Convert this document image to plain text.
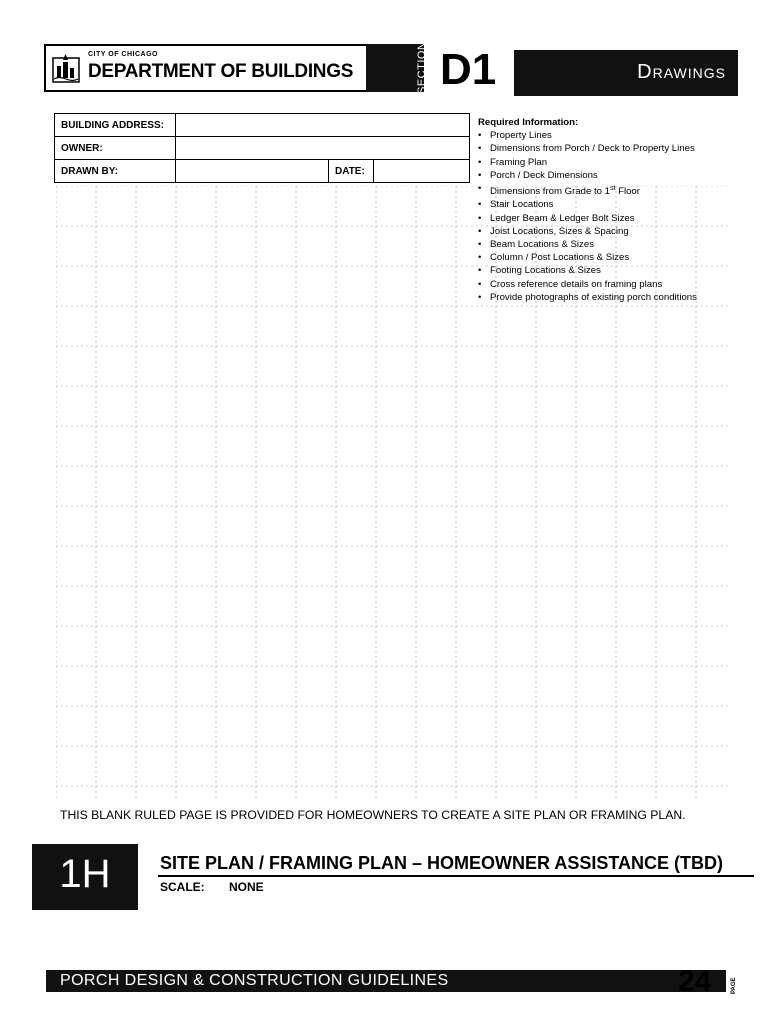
CITY OF CHICAGO
DEPARTMENT OF BUILDINGS	SECTION D1	Drawings
BUILDING ADDRESS:			
OWNER:			
DRAWN BY:		DATE:	
Required Information:
• Property Lines
• Dimensions from Porch / Deck to Property Lines
• Framing Plan
• Porch / Deck Dimensions
• Dimensions from Grade to 1st Floor
• Stair Locations
• Ledger Beam & Ledger Bolt Sizes
• Joist Locations, Sizes & Spacing
• Beam Locations & Sizes
• Column / Post Locations & Sizes
• Footing Locations & Sizes
• Cross reference details on framing plans
• Provide photographs of existing porch conditions
THIS BLANK RULED PAGE IS PROVIDED FOR HOMEOWNERS TO CREATE A SITE PLAN OR FRAMING PLAN.
1H	SITE PLAN / FRAMING PLAN – HOMEOWNER ASSISTANCE (TBD)
SCALE: NONE
PORCH DESIGN & CONSTRUCTION GUIDELINES	24	PAGE
